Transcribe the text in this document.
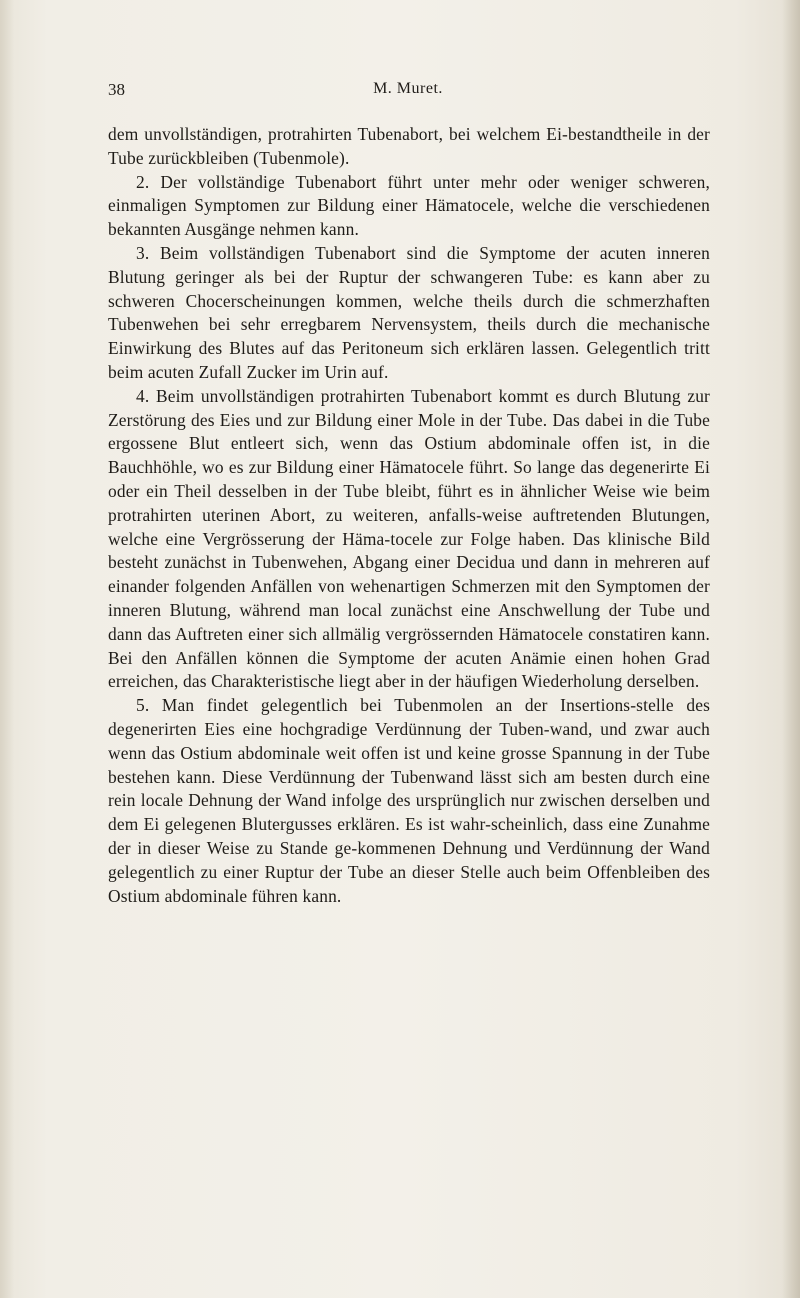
38	M. Muret.

dem unvollständigen, protrahirten Tubenabort, bei welchem Ei-bestandtheile in der Tube zurückbleiben (Tubenmole).

2. Der vollständige Tubenabort führt unter mehr oder weniger schweren, einmaligen Symptomen zur Bildung einer Hämatocele, welche die verschiedenen bekannten Ausgänge nehmen kann.

3. Beim vollständigen Tubenabort sind die Symptome der acuten inneren Blutung geringer als bei der Ruptur der schwangeren Tube: es kann aber zu schweren Chocerscheinungen kommen, welche theils durch die schmerzhaften Tubenwehen bei sehr erregbarem Nervensystem, theils durch die mechanische Einwirkung des Blutes auf das Peritoneum sich erklären lassen. Gelegentlich tritt beim acuten Zufall Zucker im Urin auf.

4. Beim unvollständigen protrahirten Tubenabort kommt es durch Blutung zur Zerstörung des Eies und zur Bildung einer Mole in der Tube. Das dabei in die Tube ergossene Blut entleert sich, wenn das Ostium abdominale offen ist, in die Bauchhöhle, wo es zur Bildung einer Hämatocele führt. So lange das degenerirte Ei oder ein Theil desselben in der Tube bleibt, führt es in ähnlicher Weise wie beim protrahirten uterinen Abort, zu weiteren, anfalls-weise auftretenden Blutungen, welche eine Vergrösserung der Häma-tocele zur Folge haben. Das klinische Bild besteht zunächst in Tubenwehen, Abgang einer Decidua und dann in mehreren auf einander folgenden Anfällen von wehenartigen Schmerzen mit den Symptomen der inneren Blutung, während man local zunächst eine Anschwellung der Tube und dann das Auftreten einer sich allmälig vergrössernden Hämatocele constatiren kann. Bei den Anfällen können die Symptome der acuten Anämie einen hohen Grad erreichen, das Charakteristische liegt aber in der häufigen Wiederholung derselben.

5. Man findet gelegentlich bei Tubenmolen an der Insertions-stelle des degenerirten Eies eine hochgradige Verdünnung der Tuben-wand, und zwar auch wenn das Ostium abdominale weit offen ist und keine grosse Spannung in der Tube bestehen kann. Diese Verdünnung der Tubenwand lässt sich am besten durch eine rein locale Dehnung der Wand infolge des ursprünglich nur zwischen derselben und dem Ei gelegenen Blutergusses erklären. Es ist wahr-scheinlich, dass eine Zunahme der in dieser Weise zu Stande ge-kommenen Dehnung und Verdünnung der Wand gelegentlich zu einer Ruptur der Tube an dieser Stelle auch beim Offenbleiben des Ostium abdominale führen kann.
